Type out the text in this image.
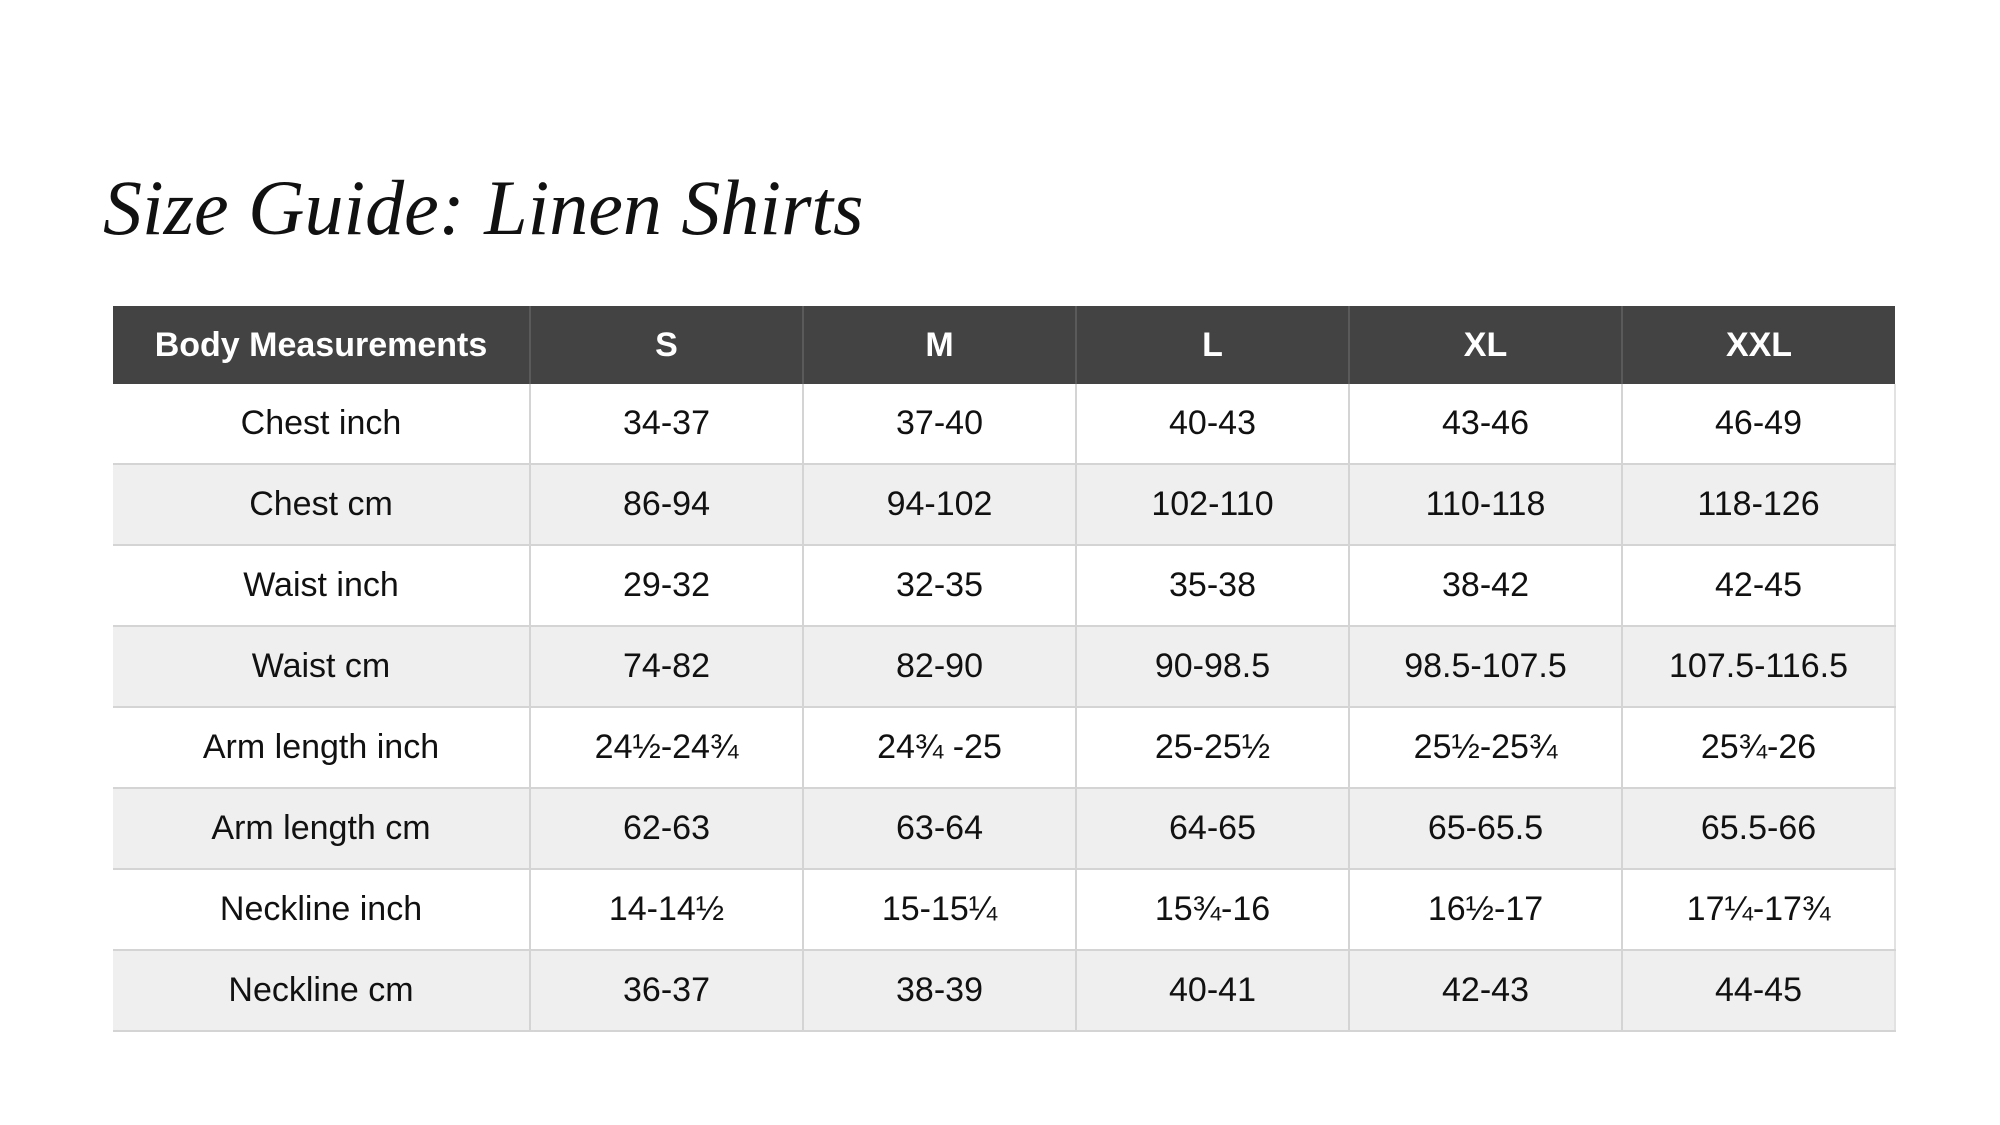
Size Guide: Linen Shirts
Body Measurements	S	M	L	XL	XXL
Chest inch	34-37	37-40	40-43	43-46	46-49
Chest cm	86-94	94-102	102-110	110-118	118-126
Waist inch	29-32	32-35	35-38	38-42	42-45
Waist cm	74-82	82-90	90-98.5	98.5-107.5	107.5-116.5
Arm length inch	24½-24¾	24¾ -25	25-25½	25½-25¾	25¾-26
Arm length cm	62-63	63-64	64-65	65-65.5	65.5-66
Neckline inch	14-14½	15-15¼	15¾-16	16½-17	17¼-17¾
Neckline cm	36-37	38-39	40-41	42-43	44-45
